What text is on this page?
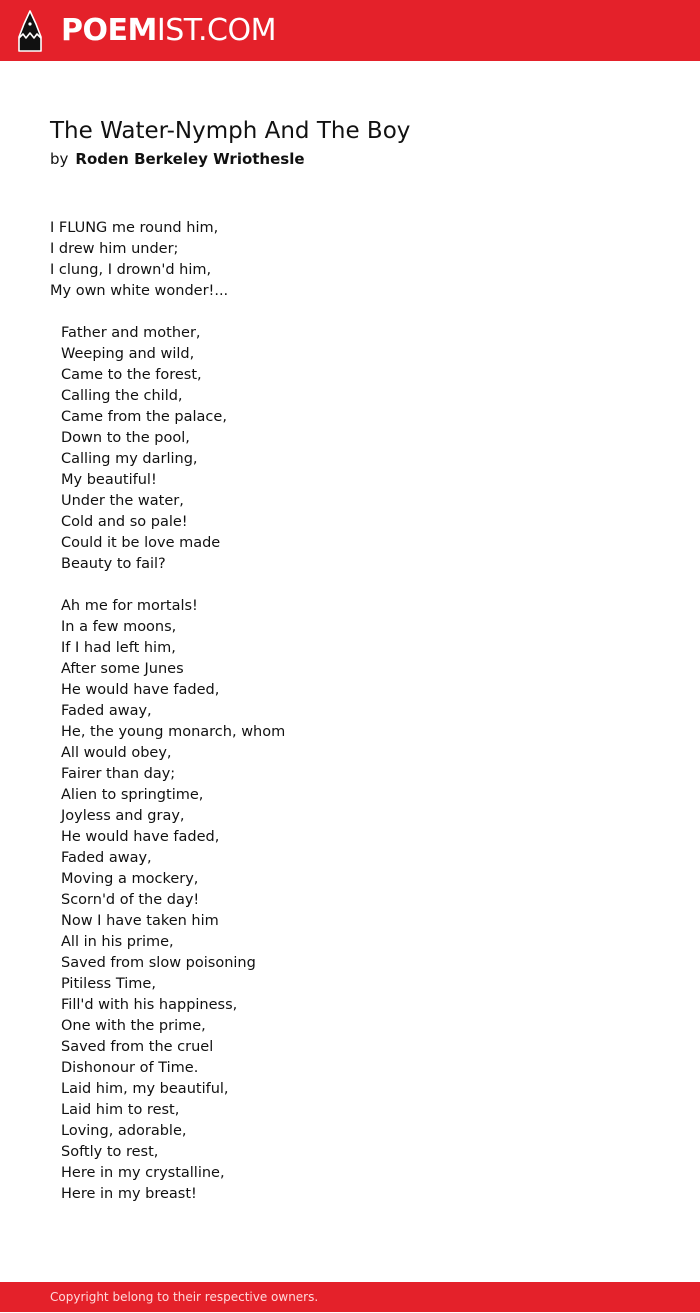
POEMIST.COM
The Water-Nymph And The Boy
by Roden Berkeley Wriothesle
I FLUNG me round him,
I drew him under;
I clung, I drown'd him,
My own white wonder!...
Father and mother,
Weeping and wild,
Came to the forest,
Calling the child,
Came from the palace,
Down to the pool,
Calling my darling,
My beautiful!
Under the water,
Cold and so pale!
Could it be love made
Beauty to fail?
Ah me for mortals!
In a few moons,
If I had left him,
After some Junes
He would have faded,
Faded away,
He, the young monarch, whom
All would obey,
Fairer than day;
Alien to springtime,
Joyless and gray,
He would have faded,
Faded away,
Moving a mockery,
Scorn'd of the day!
Now I have taken him
All in his prime,
Saved from slow poisoning
Pitiless Time,
Fill'd with his happiness,
One with the prime,
Saved from the cruel
Dishonour of Time.
Laid him, my beautiful,
Laid him to rest,
Loving, adorable,
Softly to rest,
Here in my crystalline,
Here in my breast!
Copyright belong to their respective owners.
